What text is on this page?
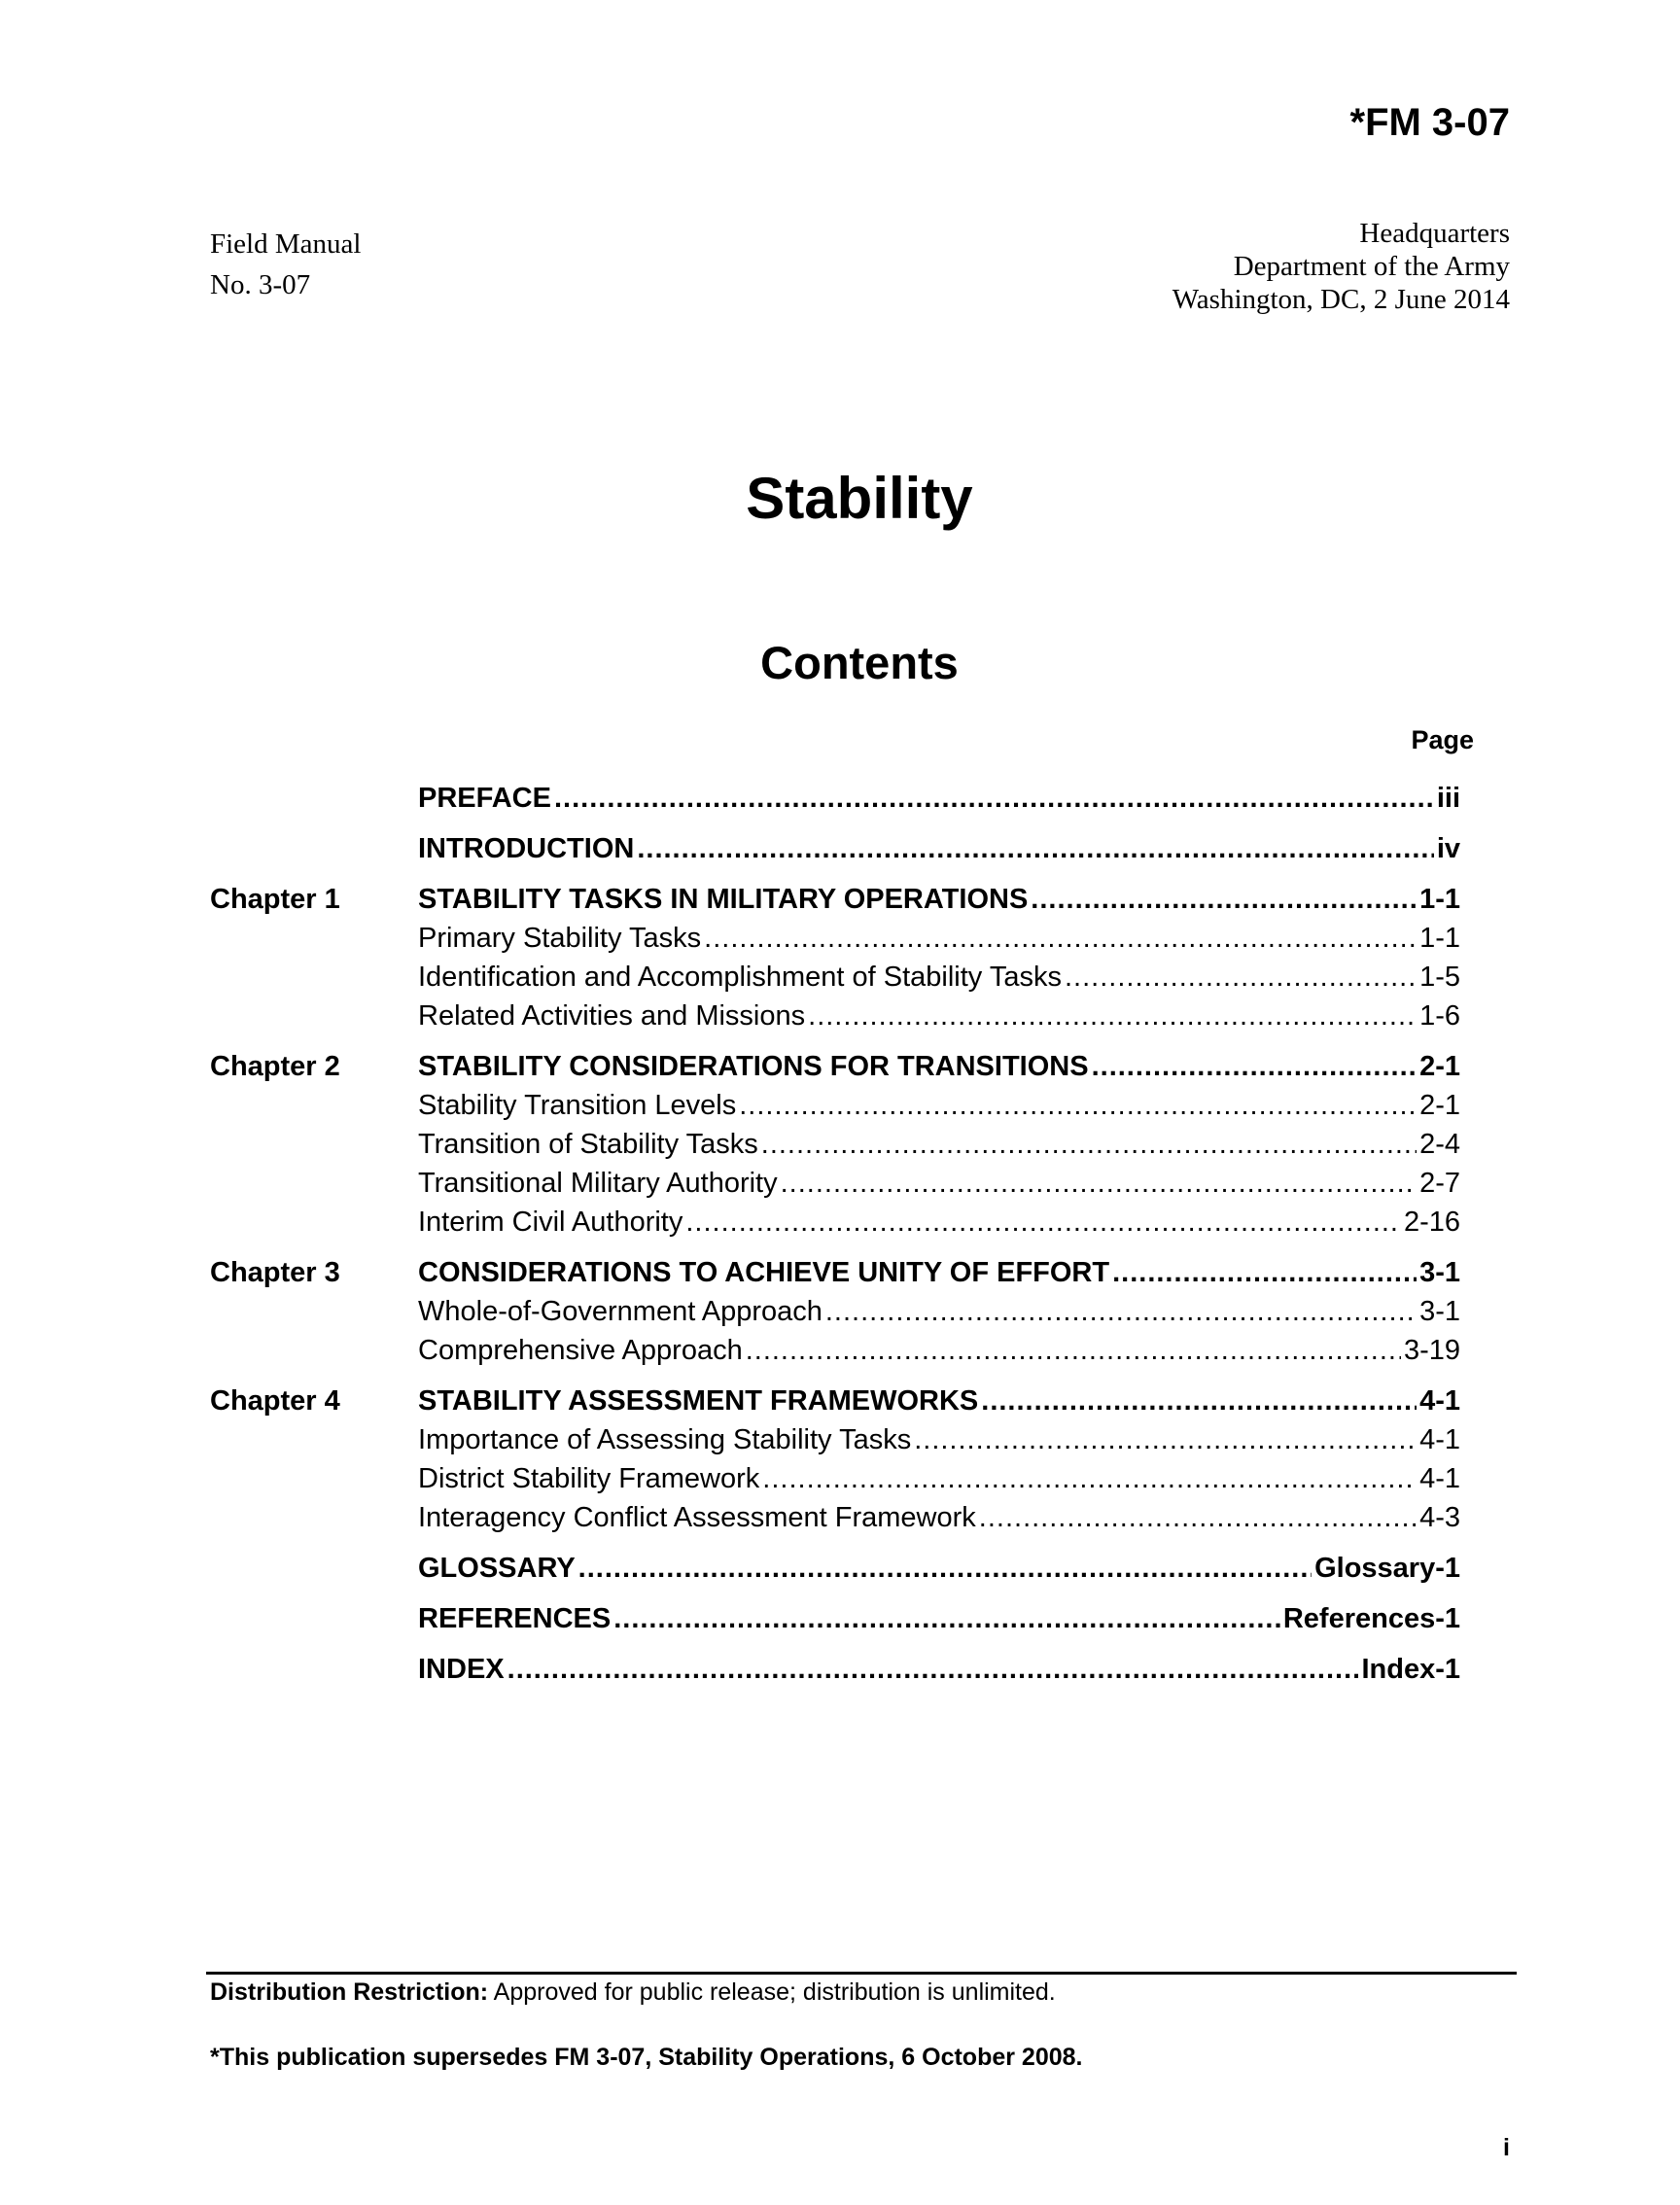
*FM 3-07
Field Manual
No. 3-07
Headquarters
Department of the Army
Washington, DC, 2 June 2014
Stability
Contents
Page
PREFACE .....	iii
INTRODUCTION .....	iv
Chapter 1	STABILITY TASKS IN MILITARY OPERATIONS .....	1-1
Primary Stability Tasks .....	1-1
Identification and Accomplishment of Stability Tasks .....	1-5
Related Activities and Missions .....	1-6
Chapter 2	STABILITY CONSIDERATIONS FOR TRANSITIONS .....	2-1
Stability Transition Levels .....	2-1
Transition of Stability Tasks .....	2-4
Transitional Military Authority .....	2-7
Interim Civil Authority .....	2-16
Chapter 3	CONSIDERATIONS TO ACHIEVE UNITY OF EFFORT .....	3-1
Whole-of-Government Approach .....	3-1
Comprehensive Approach .....	3-19
Chapter 4	STABILITY ASSESSMENT FRAMEWORKS .....	4-1
Importance of Assessing Stability Tasks .....	4-1
District Stability Framework .....	4-1
Interagency Conflict Assessment Framework .....	4-3
GLOSSARY .....	Glossary-1
REFERENCES .....	References-1
INDEX .....	Index-1
Distribution Restriction: Approved for public release; distribution is unlimited.
*This publication supersedes FM 3-07, Stability Operations, 6 October 2008.
i
